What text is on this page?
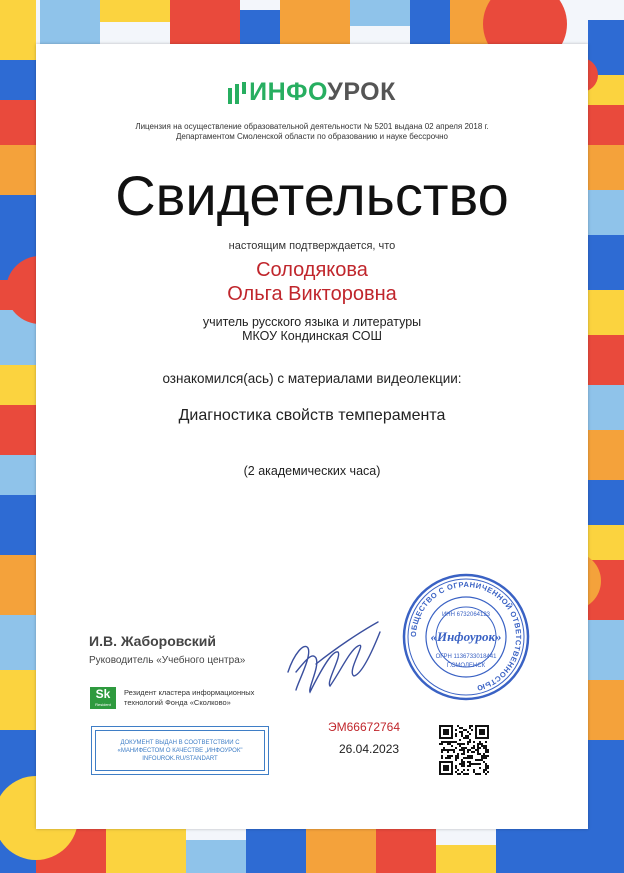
ИНФОУРОК
Лицензия на осуществление образовательной деятельности № 5201 выдана 02 апреля 2018 г.
Департаментом Смоленской области по образованию и науке бессрочно
Свидетельство
настоящим подтверждается, что
Солодякова
Ольга Викторовна
учитель русского языка и литературы
МКОУ Кондинская СОШ
ознакомился(ась) с материалами видеолекции:
Диагностика свойств темперамента
(2 академических часа)
И.В. Жаборовский
Руководитель «Учебного центра»
ОБЩЕСТВО С ОГРАНИЧЕННОЙ ОТВЕТСТВЕННОСТЬЮ
«Инфоурок»
ИНН 6732064123
ОГРН 1136733018441
Г.СМОЛЕНСК
Sk
Resident
Резидент кластера информационных
технологий Фонда «Сколково»
ДОКУМЕНТ ВЫДАН В СООТВЕТСТВИИ С
«МАНИФЕСТОМ О КАЧЕСТВЕ „ИНФОУРОК"
INFOUROK.RU/STANDART
ЭМ66672764
26.04.2023
